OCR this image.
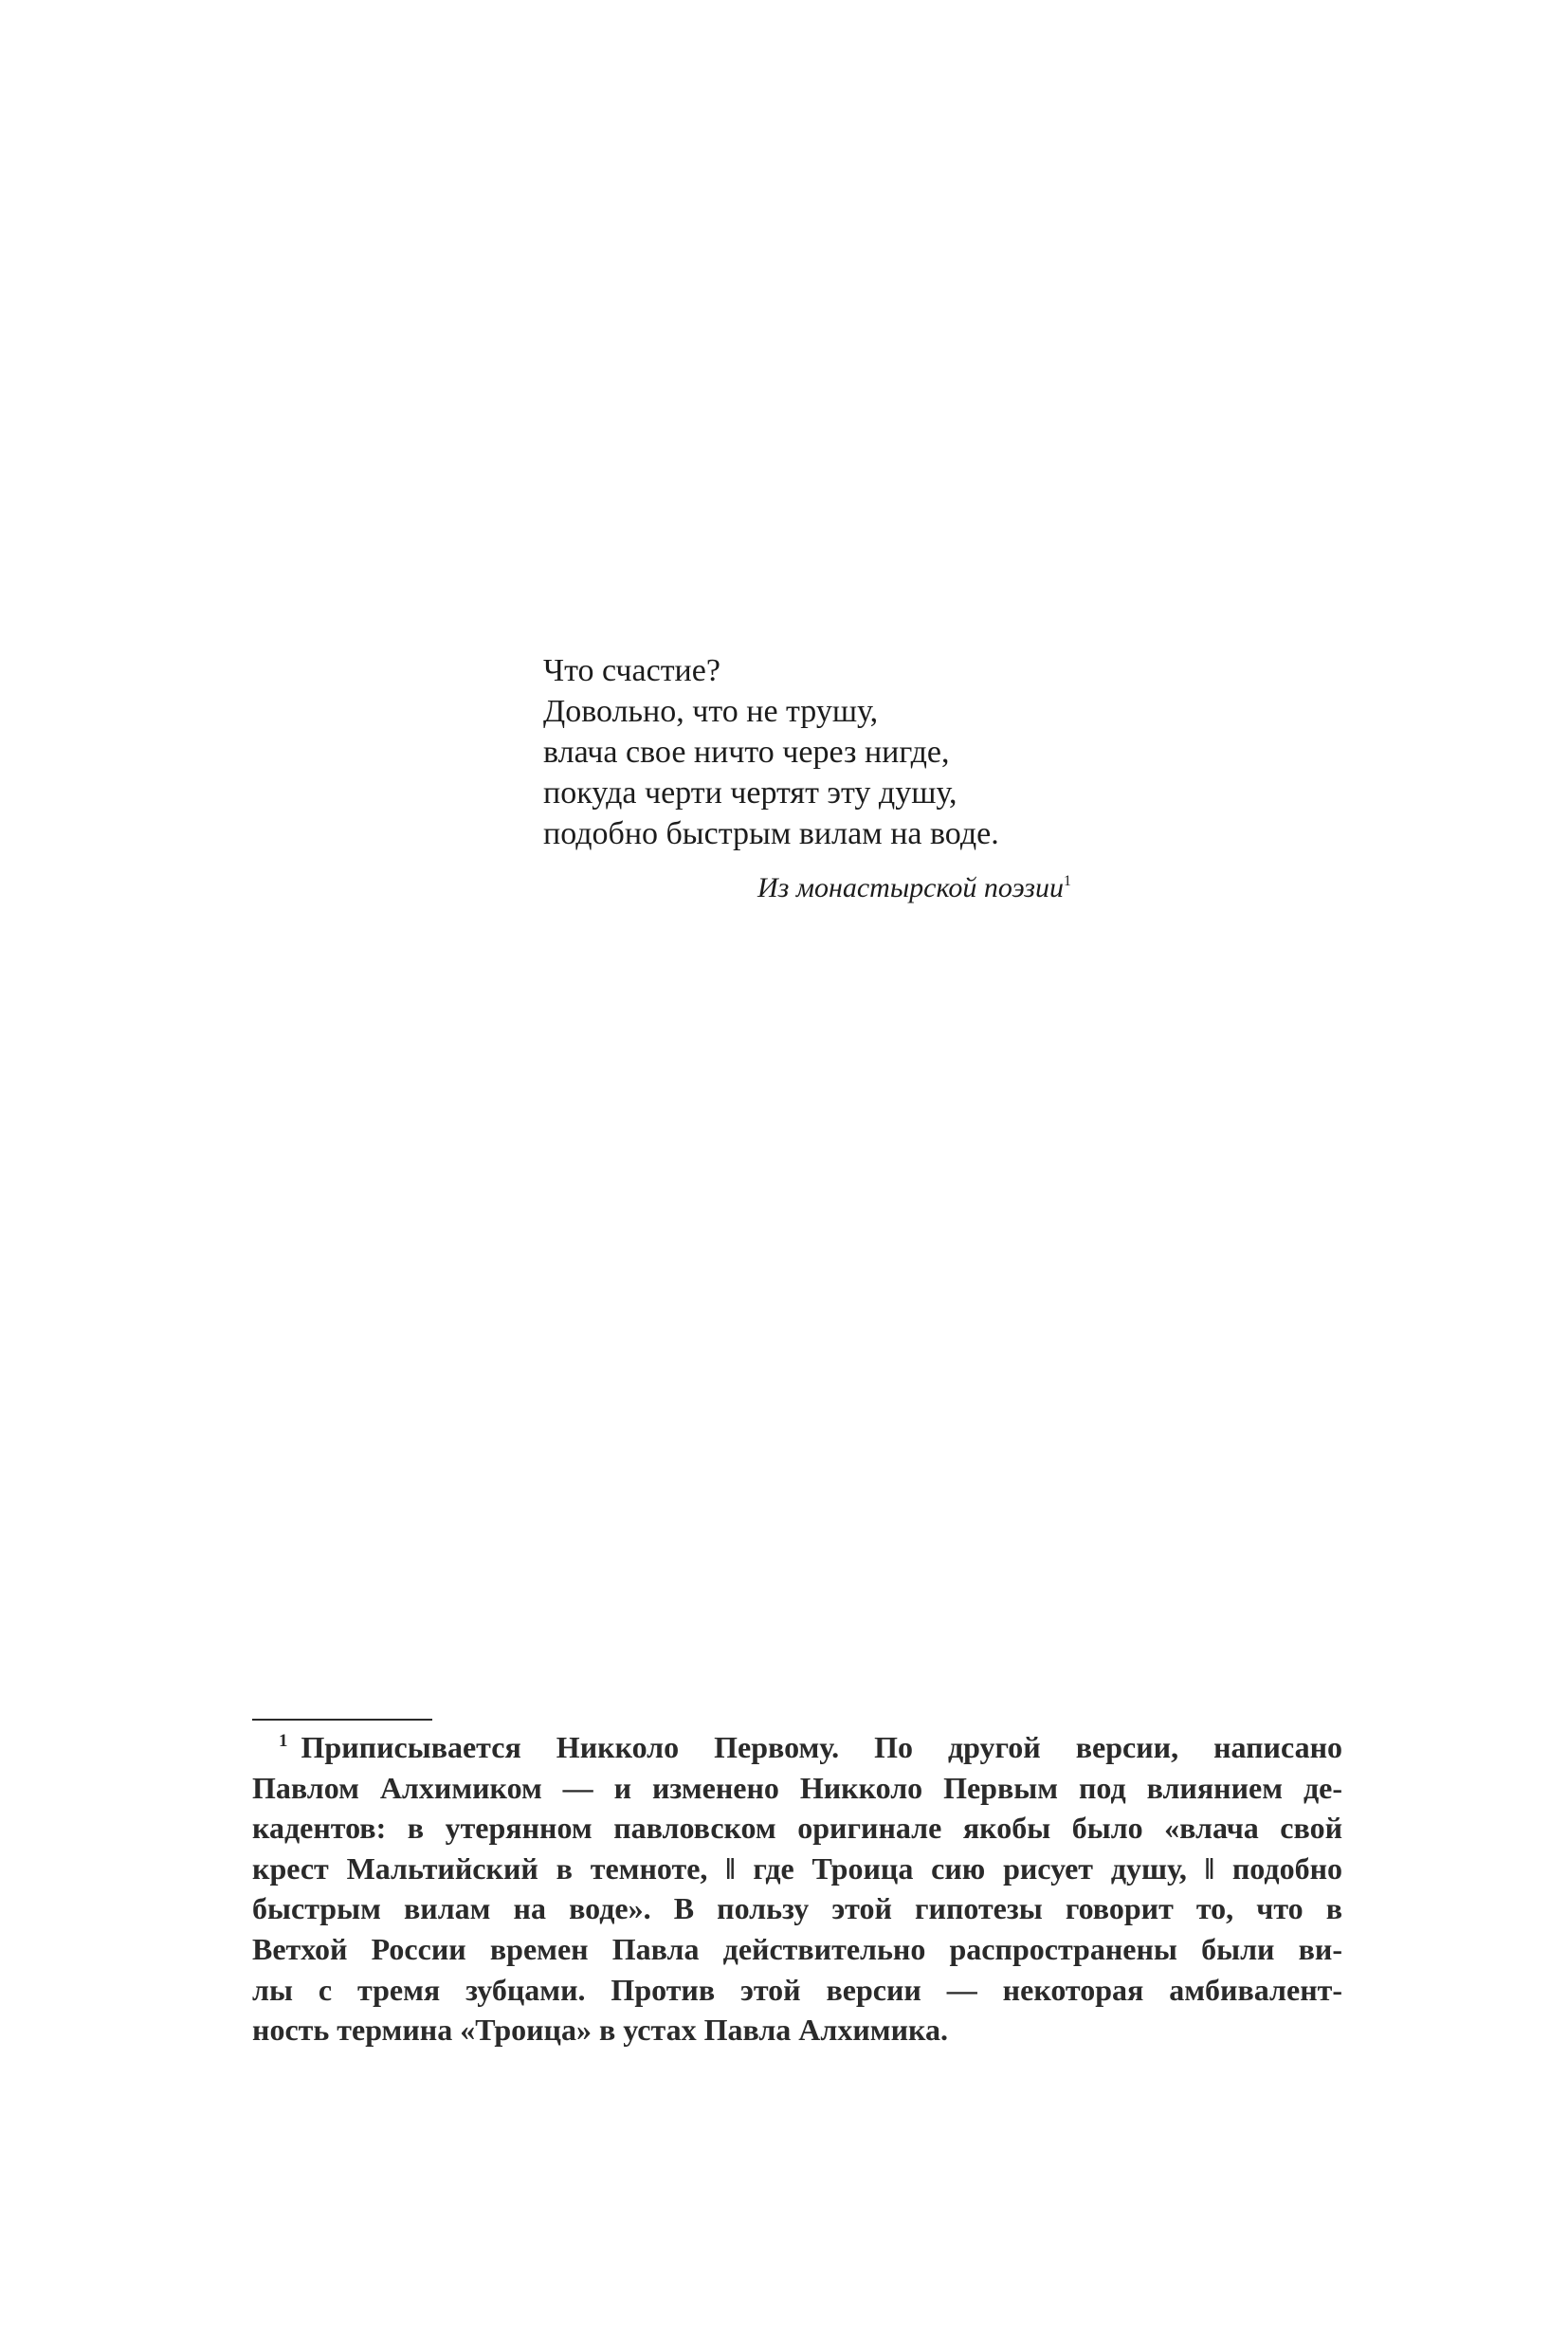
Что счастие?
Довольно, что не трушу,
влача свое ничто через нигде,
покуда черти чертят эту душу,
подобно быстрым вилам на воде.
Из монастырской поэзии$^1$
$^1$ Приписывается Никколо Первому. По другой версии, написано
Павлом Алхимиком — и изменено Никколо Первым под влиянием де-
кадентов: в утерянном павловском оригинале якобы было «влача свой
крест Мальтийский в темноте, ‖ где Троица сию рисует душу, ‖ подобно
быстрым вилам на воде». В пользу этой гипотезы говорит то, что в
Ветхой России времен Павла действительно распространены были ви-
лы с тремя зубцами. Против этой версии — некоторая амбивалент-
ность термина «Троица» в устах Павла Алхимика.
